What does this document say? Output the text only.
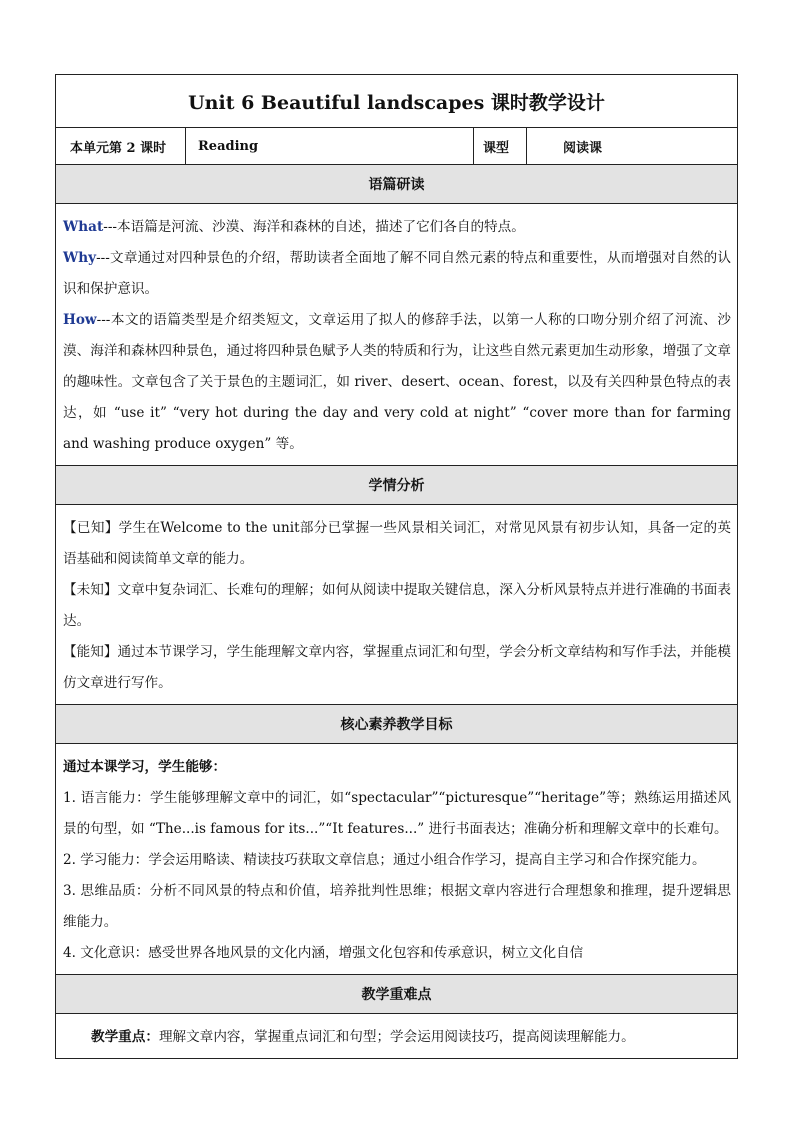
Unit 6 Beautiful landscapes 课时教学设计
本单元第 2 课时	Reading	课型	阅读课
语篇研读

What---本语篇是河流、沙漠、海洋和森林的自述，描述了它们各自的特点。

Why---文章通过对四种景色的介绍，帮助读者全面地了解不同自然元素的特点和重要性，从而增强对自然的认识和保护意识。

How---本文的语篇类型是介绍类短文，文章运用了拟人的修辞手法，以第一人称的口吻分别介绍了河流、沙漠、海洋和森林四种景色，通过将四种景色赋予人类的特质和行为，让这些自然元素更加生动形象，增强了文章的趣味性。文章包含了关于景色的主题词汇，如 river、desert、ocean、forest，以及有关四种景色特点的表达，如 “use it” “very hot during the day and very cold at night” “cover more than for farming and washing produce oxygen” 等。

学情分析

【已知】学生在Welcome to the unit部分已掌握一些风景相关词汇，对常见风景有初步认知，具备一定的英语基础和阅读简单文章的能力。

【未知】文章中复杂词汇、长难句的理解；如何从阅读中提取关键信息，深入分析风景特点并进行准确的书面表达。

【能知】通过本节课学习，学生能理解文章内容，掌握重点词汇和句型，学会分析文章结构和写作手法，并能模仿文章进行写作。

核心素养教学目标

通过本课学习，学生能够：

1. 语言能力：学生能够理解文章中的词汇，如“spectacular”“picturesque”“heritage”等；熟练运用描述风景的句型，如 “The...is famous for its...”“It features...” 进行书面表达；准确分析和理解文章中的长难句。

2. 学习能力：学会运用略读、精读技巧获取文章信息；通过小组合作学习，提高自主学习和合作探究能力。

3. 思维品质：分析不同风景的特点和价值，培养批判性思维；根据文章内容进行合理想象和推理，提升逻辑思维能力。

4. 文化意识：感受世界各地风景的文化内涵，增强文化包容和传承意识，树立文化自信

教学重难点

教学重点：理解文章内容，掌握重点词汇和句型；学会运用阅读技巧，提高阅读理解能力。
